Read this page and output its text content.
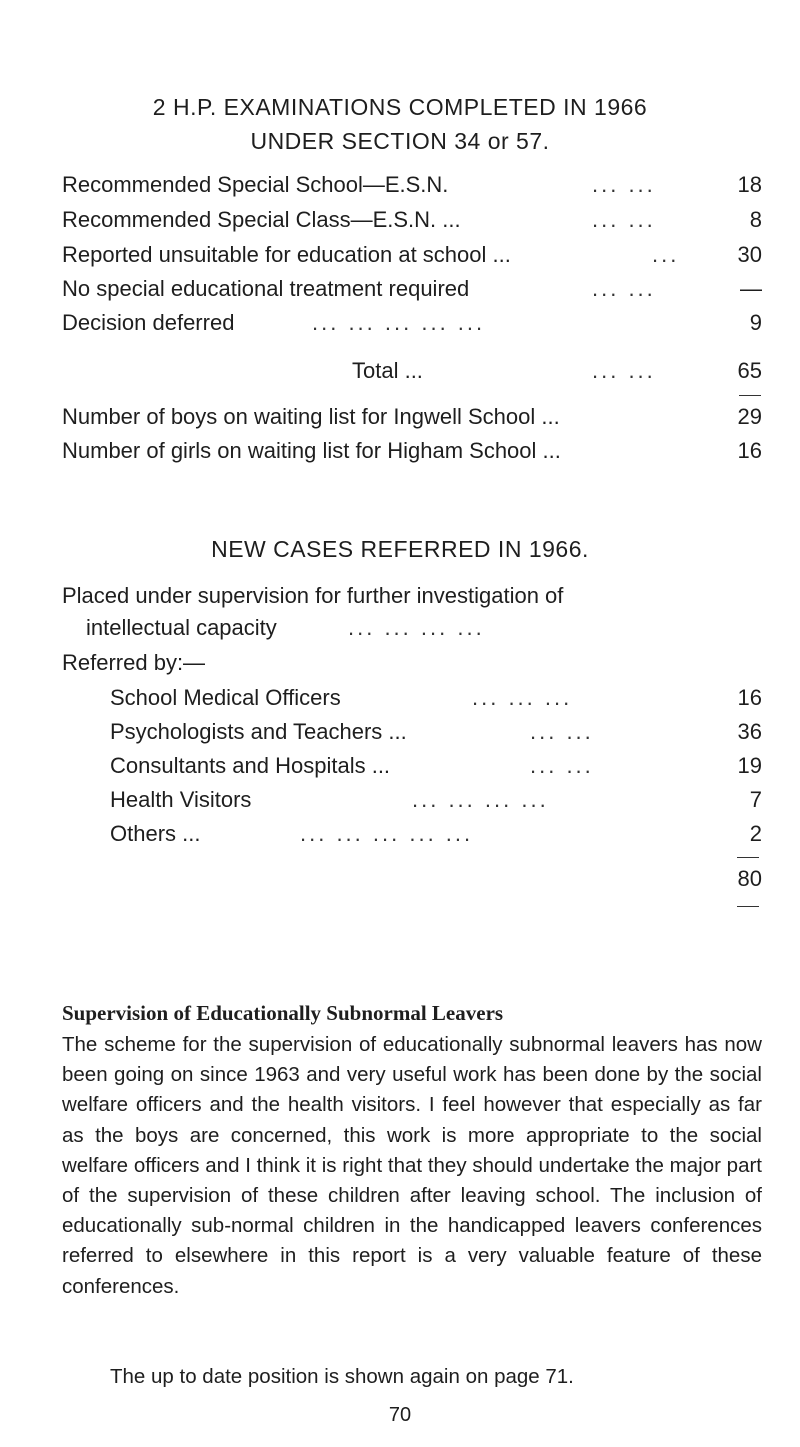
2 H.P. EXAMINATIONS COMPLETED IN 1966
UNDER SECTION 34 or 57.
Recommended Special School—E.S.N.	... ...	18
Recommended Special Class—E.S.N. ...	... ...	8
Reported unsuitable for education at school ...	...	30
No special educational treatment required	... ...	—
Decision deferred	... ... ... ... ...	9
Total ...	... ...	65
Number of boys on waiting list for Ingwell School ...	29
Number of girls on waiting list for Higham School ...	16
NEW CASES REFERRED IN 1966.
Placed under supervision for further investigation of
intellectual capacity	... ... ... ...
Referred by:—
School Medical Officers	... ... ...	16
Psychologists and Teachers ...	... ...	36
Consultants and Hospitals ...	... ...	19
Health Visitors	... ... ... ...	7
Others ...	... ... ... ... ...	2
80
Supervision of Educationally Subnormal Leavers
The scheme for the supervision of educationally subnormal leavers has now been going on since 1963 and very useful work has been done by the social welfare officers and the health visitors. I feel however that especially as far as the boys are concerned, this work is more appropriate to the social welfare officers and I think it is right that they should undertake the major part of the supervision of these children after leaving school. The inclusion of educationally sub-normal children in the handicapped leavers conferences referred to elsewhere in this report is a very valuable feature of these conferences.
The up to date position is shown again on page 71.
70
